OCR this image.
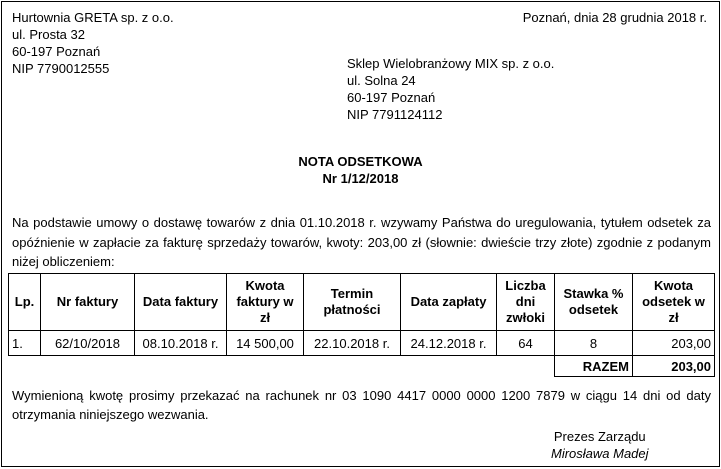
Hurtownia GRETA sp. z o.o.
ul. Prosta 32
60-197 Poznań
NIP 7790012555
Poznań, dnia 28 grudnia 2018 r.
Sklep Wielobranżowy MIX sp. z o.o.
ul. Solna 24
60-197 Poznań
NIP 7791124112
NOTA ODSETKOWA
Nr 1/12/2018
Na podstawie umowy o dostawę towarów z dnia 01.10.2018 r. wzywamy Państwa do uregulowania, tytułem odsetek za opóźnienie w zapłacie za fakturę sprzedaży towarów, kwoty: 203,00 zł (słownie: dwieście trzy złote) zgodnie z podanym niżej obliczeniem:
Lp.	Nr faktury	Data faktury	Kwota faktury w zł	Termin płatności	Data zapłaty	Liczba dni zwłoki	Stawka % odsetek	Kwota odsetek w zł
1.	62/10/2018	08.10.2018 r.	14 500,00	22.10.2018 r.	24.12.2018 r.	64	8	203,00
							RAZEM	203,00
Wymienioną kwotę prosimy przekazać na rachunek nr 03 1090 4417 0000 0000 1200 7879 w ciągu 14 dni od daty otrzymania niniejszego wezwania.
Prezes Zarządu
Mirosława Madej
